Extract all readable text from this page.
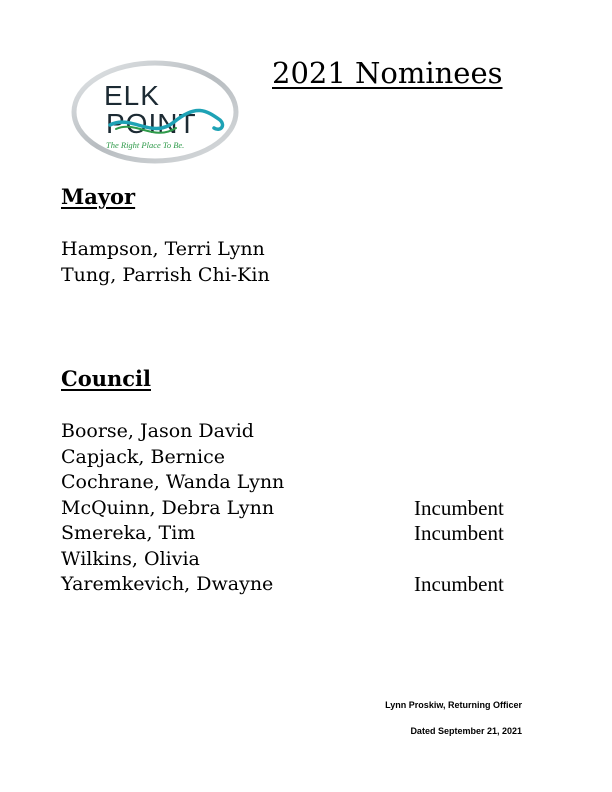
ELK
POINT
The Right Place To Be.
2021 Nominees
Mayor
Hampson, Terri Lynn
Tung, Parrish Chi-Kin
Council
Boorse, Jason David
Capjack, Bernice
Cochrane, Wanda Lynn
McQuinn, Debra Lynn	Incumbent
Smereka, Tim	Incumbent
Wilkins, Olivia
Yaremkevich, Dwayne	Incumbent
Lynn Proskiw, Returning Officer
Dated September 21, 2021
